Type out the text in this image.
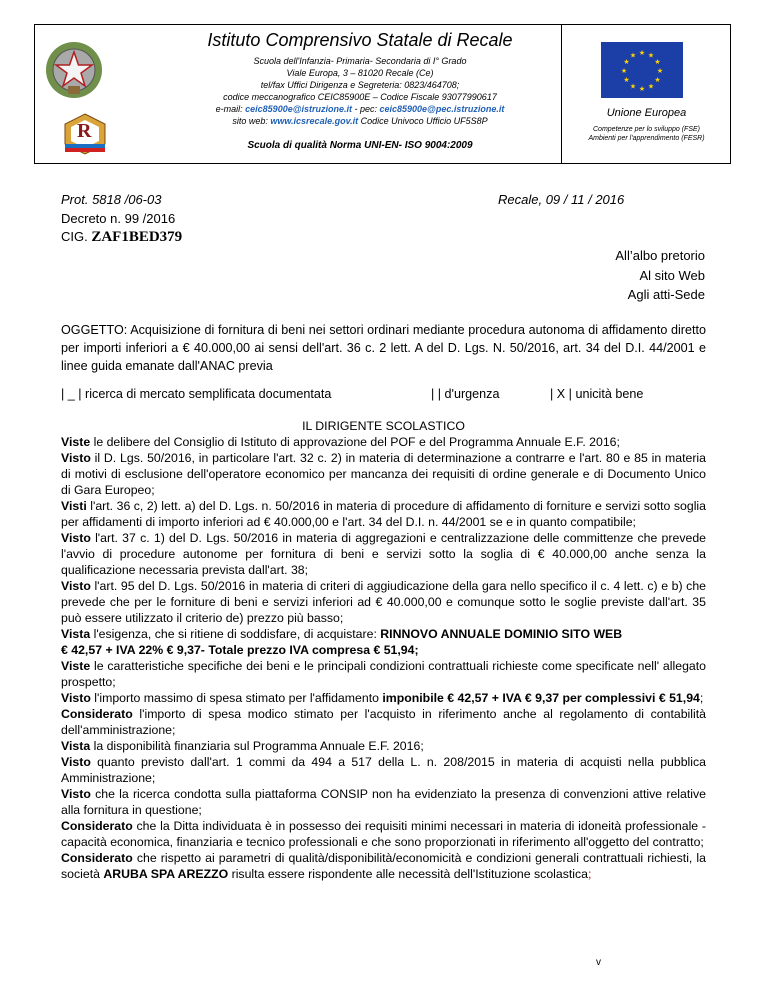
R
Istituto Comprensivo Statale di Recale
Scuola dell'Infanzia- Primaria- Secondaria di I° Grado
Viale Europa, 3 – 81020 Recale (Ce)
tel/fax Uffici Dirigenza e Segreteria: 0823/464708;
codice meccanografico CEIC85900E – Codice Fiscale 93077990617
e-mail: ceic85900e@istruzione.it - pec: ceic85900e@pec.istruzione.it
sito web: www.icsrecale.gov.it Codice Univoco Ufficio UF5S8P
Scuola di qualità Norma UNI-EN- ISO 9004:2009
★ ★
★
★
★
★
★
★
★
★
★
★
Unione Europea
Competenze per lo sviluppo (FSE)
Ambienti per l'apprendimento (FESR)
Prot. 5818 /06-03
Decreto n. 99 /2016
CIG. ZAF1BED379
Recale, 09 / 11 / 2016
All’albo pretorio
Al sito Web
Agli atti-Sede
OGGETTO: Acquisizione di fornitura di beni nei settori ordinari mediante procedura autonoma di affidamento diretto per importi inferiori a € 40.000,00 ai sensi dell'art. 36 c. 2 lett. A del D. Lgs. N. 50/2016, art. 34 del D.I. 44/2001 e linee guida emanate dall'ANAC previa
| _ | ricerca di mercato semplificata documentata	| | d'urgenza	| X | unicità bene

IL DIRIGENTE SCOLASTICO

Viste le delibere del Consiglio di Istituto di approvazione del POF e del Programma Annuale E.F. 2016;

Visto il D. Lgs. 50/2016, in particolare l'art. 32 c. 2) in materia di determinazione a contrarre e l'art. 80 e 85 in materia di motivi di esclusione dell'operatore economico per mancanza dei requisiti di ordine generale e di Documento Unico di Gara Europeo;

Visti l'art. 36 c, 2) lett. a) del D. Lgs. n. 50/2016 in materia di procedure di affidamento di forniture e servizi sotto soglia per affidamenti di importo inferiori ad € 40.000,00 e l'art. 34 del D.I. n. 44/2001 se e in quanto compatibile;

Visto l'art. 37 c. 1) del D. Lgs. 50/2016 in materia di aggregazioni e centralizzazione delle committenze che prevede l'avvio di procedure autonome per fornitura di beni e servizi sotto la soglia di € 40.000,00 anche senza la qualificazione necessaria prevista dall'art. 38;

Visto l'art. 95 del D. Lgs. 50/2016 in materia di criteri di aggiudicazione della gara nello specifico il c. 4 lett. c) e b) che prevede che per le forniture di beni e servizi inferiori ad € 40.000,00 e comunque sotto le soglie previste dall'art. 35 può essere utilizzato il criterio de) prezzo più basso;

Vista l'esigenza, che si ritiene di soddisfare, di acquistare: RINNOVO ANNUALE DOMINIO SITO WEB

€ 42,57 + IVA 22% € 9,37- Totale prezzo IVA compresa € 51,94;

Viste le caratteristiche specifiche dei beni e le principali condizioni contrattuali richieste come specificate nell' allegato prospetto;

Visto l'importo massimo di spesa stimato per l'affidamento imponibile € 42,57 + IVA € 9,37 per complessivi € 51,94;

Considerato l'importo di spesa modico stimato per l'acquisto in riferimento anche al regolamento di contabilità dell'amministrazione;

Vista la disponibilità finanziaria sul Programma Annuale E.F. 2016;

Visto quanto previsto dall'art. 1 commi da 494 a 517 della L. n. 208/2015 in materia di acquisti nella pubblica Amministrazione;

Visto che la ricerca condotta sulla piattaforma CONSIP non ha evidenziato la presenza di convenzioni attive relative alla fornitura in questione;

Considerato che la Ditta individuata è in possesso dei requisiti minimi necessari in materia di idoneità professionale - capacità economica, finanziaria e tecnico professionali e che sono proporzionati in riferimento all'oggetto del contratto;

Considerato che rispetto ai parametri di qualità/disponibilità/economicità e condizioni generali contrattuali richiesti, la società ARUBA SPA AREZZO risulta essere rispondente alle necessità dell'Istituzione scolastica;

v
